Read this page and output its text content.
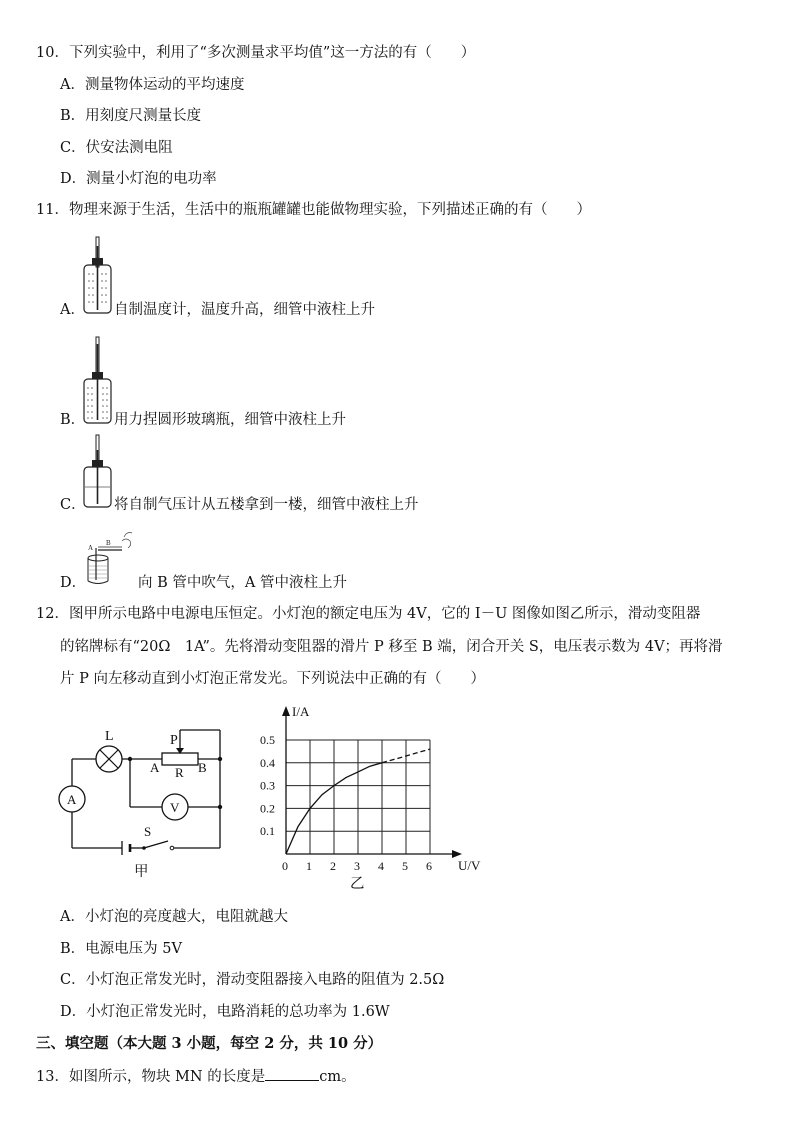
10．下列实验中，利用了“多次测量求平均值”这一方法的有（　　）
A．测量物体运动的平均速度
B．用刻度尺测量长度
C．伏安法测电阻
D．测量小灯泡的电功率
11．物理来源于生活，生活中的瓶瓶罐罐也能做物理实验，下列描述正确的有（　　）
A． 自制温度计，温度升高，细管中液柱上升
B． 用力捏圆形玻璃瓶，细管中液柱上升
C． 将自制气压计从五楼拿到一楼，细管中液柱上升
D．
A
B
向 B 管中吹气，A 管中液柱上升
12．图甲所示电路中电源电压恒定。小灯泡的额定电压为 4V，它的 I－U 图像如图乙所示，滑动变阻器
的铭牌标有“20Ω　1A”。先将滑动变阻器的滑片 P 移至 B 端，闭合开关 S，电压表示数为 4V；再将滑
片 P 向左移动直到小灯泡正常发光。下列说法中正确的有（　　）
L	P
A R B
A
V
S
甲	0 1 2 3 4 5 6
0.1
0.2
0.3
0.4
0.5
I/A
U/V
乙
A．小灯泡的亮度越大，电阻就越大
B．电源电压为 5V
C．小灯泡正常发光时，滑动变阻器接入电路的阻值为 2.5Ω
D．小灯泡正常发光时，电路消耗的总功率为 1.6W
三、填空题（本大题 3 小题，每空 2 分，共 10 分）
13．如图所示，物块 MN 的长度是	cm。
